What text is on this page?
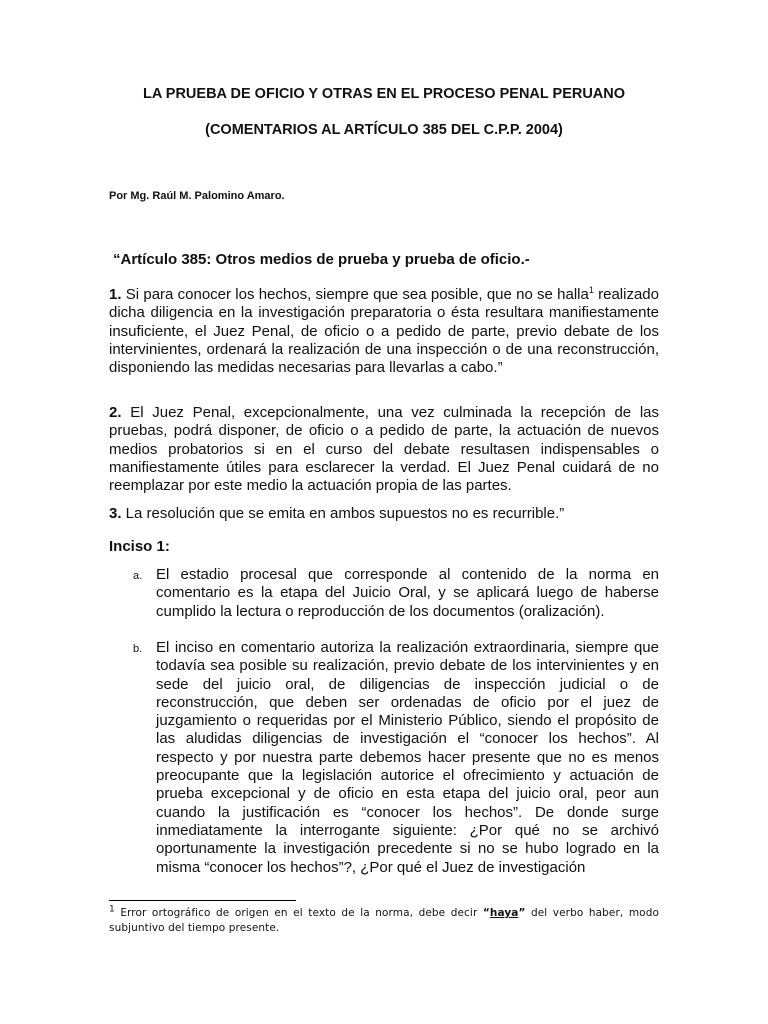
LA PRUEBA DE OFICIO Y OTRAS EN EL PROCESO PENAL PERUANO
(COMENTARIOS AL ARTÍCULO 385 DEL C.P.P. 2004)
Por Mg. Raúl M. Palomino Amaro.
“Artículo 385: Otros medios de prueba y prueba de oficio.-
1. Si para conocer los hechos, siempre que sea posible, que no se halla$^1$ realizado dicha diligencia en la investigación preparatoria o ésta resultara manifiestamente insuficiente, el Juez Penal, de oficio o a pedido de parte, previo debate de los intervinientes, ordenará la realización de una inspección o de una reconstrucción, disponiendo las medidas necesarias para llevarlas a cabo.”
2. El Juez Penal, excepcionalmente, una vez culminada la recepción de las pruebas, podrá disponer, de oficio o a pedido de parte, la actuación de nuevos medios probatorios si en el curso del debate resultasen indispensables o manifiestamente útiles para esclarecer la verdad. El Juez Penal cuidará de no reemplazar por este medio la actuación propia de las partes.
3. La resolución que se emita en ambos supuestos no es recurrible.”
Inciso 1:
a. El estadio procesal que corresponde al contenido de la norma en comentario es la etapa del Juicio Oral, y se aplicará luego de haberse cumplido la lectura o reproducción de los documentos (oralización).
b. El inciso en comentario autoriza la realización extraordinaria, siempre que todavía sea posible su realización, previo debate de los intervinientes y en sede del juicio oral, de diligencias de inspección judicial o de reconstrucción, que deben ser ordenadas de oficio por el juez de juzgamiento o requeridas por el Ministerio Público, siendo el propósito de las aludidas diligencias de investigación el “conocer los hechos”. Al respecto y por nuestra parte debemos hacer presente que no es menos preocupante que la legislación autorice el ofrecimiento y actuación de prueba excepcional y de oficio en esta etapa del juicio oral, peor aun cuando la justificación es “conocer los hechos”. De donde surge inmediatamente la interrogante siguiente: ¿Por qué no se archivó oportunamente la investigación precedente si no se hubo logrado en la misma “conocer los hechos”?, ¿Por qué el Juez de investigación
$^1$ Error ortográfico de origen en el texto de la norma, debe decir “haya” del verbo haber, modo subjuntivo del tiempo presente.
